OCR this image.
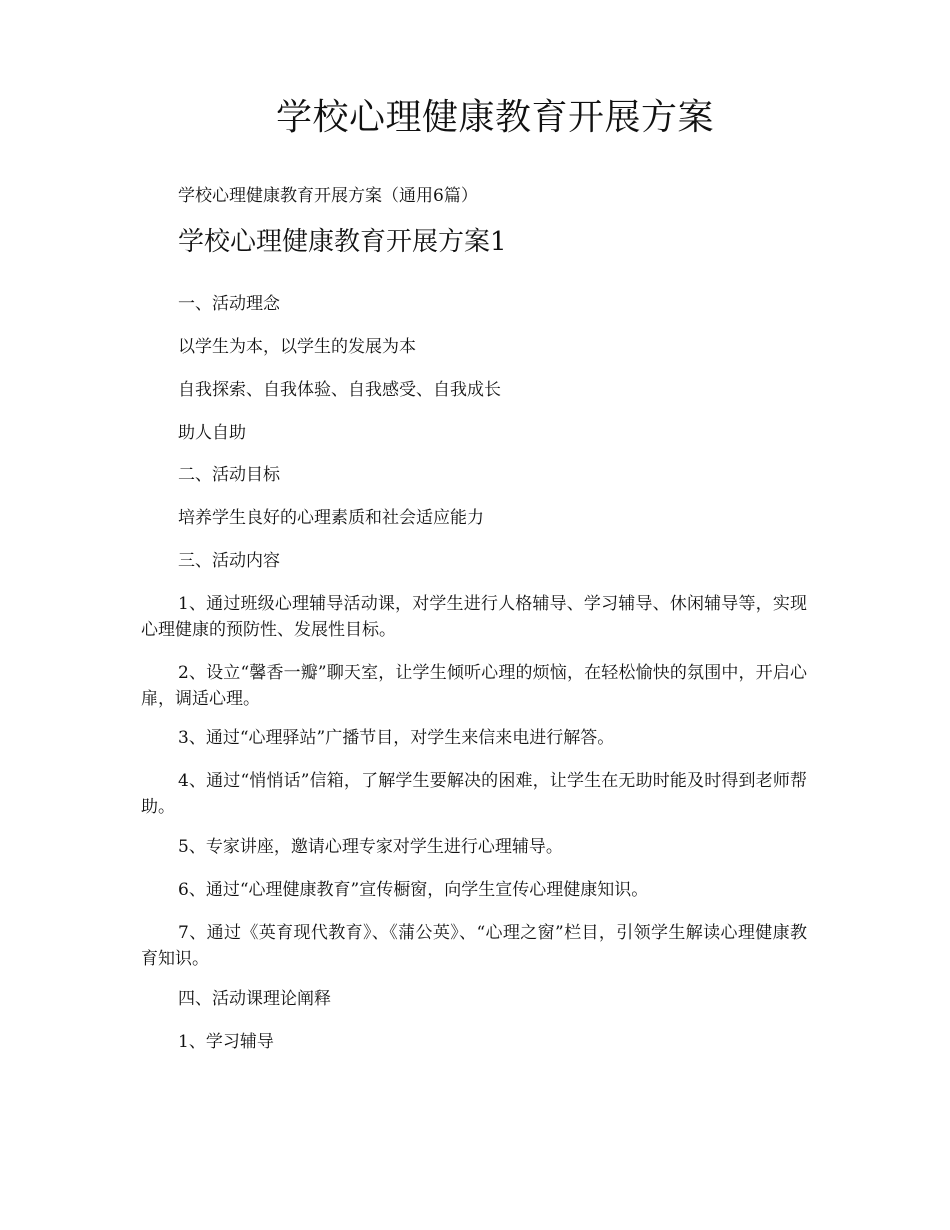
学校心理健康教育开展方案

学校心理健康教育开展方案（通用6篇）

学校心理健康教育开展方案1

一、活动理念

以学生为本，以学生的发展为本

自我探索、自我体验、自我感受、自我成长

助人自助

二、活动目标

培养学生良好的心理素质和社会适应能力

三、活动内容

1、通过班级心理辅导活动课，对学生进行人格辅导、学习辅导、休闲辅导等，实现心理健康的预防性、发展性目标。

2、设立“馨香一瓣”聊天室，让学生倾听心理的烦恼，在轻松愉快的氛围中，开启心扉，调适心理。

3、通过“心理驿站”广播节目，对学生来信来电进行解答。

4、通过“悄悄话”信箱，了解学生要解决的困难，让学生在无助时能及时得到老师帮助。

5、专家讲座，邀请心理专家对学生进行心理辅导。

6、通过“心理健康教育”宣传橱窗，向学生宣传心理健康知识。

7、通过《英育现代教育》、《蒲公英》、“心理之窗”栏目，引领学生解读心理健康教育知识。

四、活动课理论阐释

1、学习辅导
